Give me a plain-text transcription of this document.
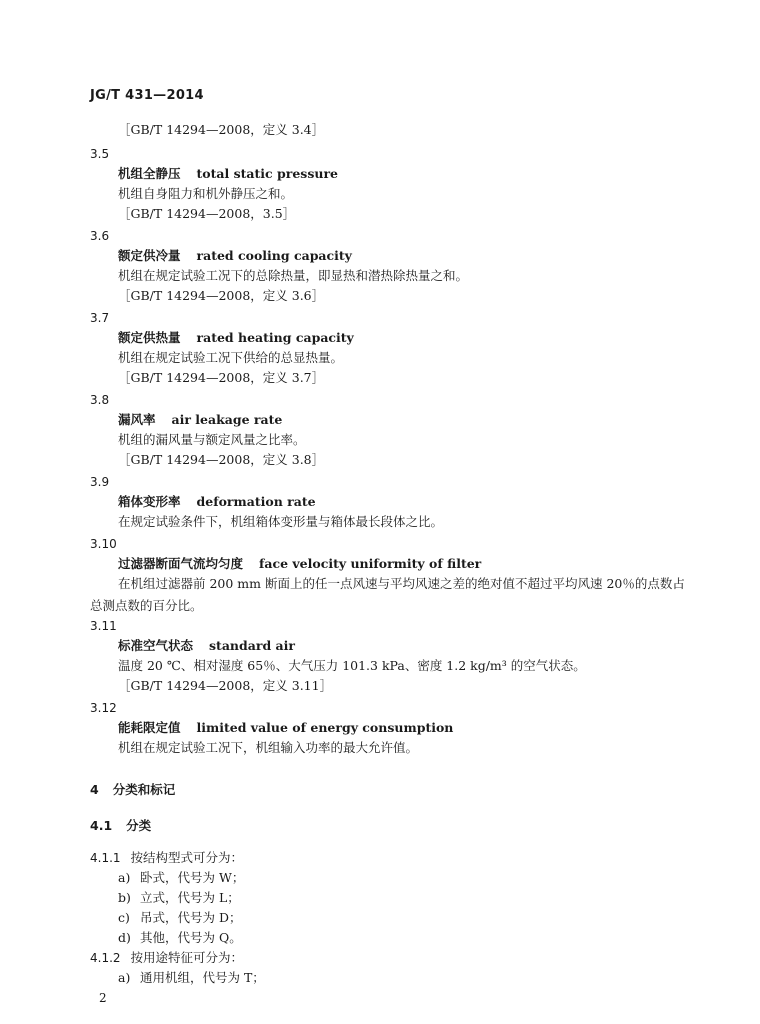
JG/T 431—2014
［GB/T 14294—2008，定义 3.4］
3.5
机组全静压 total static pressure
机组自身阻力和机外静压之和。
［GB/T 14294—2008，3.5］
3.6
额定供冷量 rated cooling capacity
机组在规定试验工况下的总除热量，即显热和潜热除热量之和。
［GB/T 14294—2008，定义 3.6］
3.7
额定供热量 rated heating capacity
机组在规定试验工况下供给的总显热量。
［GB/T 14294—2008，定义 3.7］
3.8
漏风率 air leakage rate
机组的漏风量与额定风量之比率。
［GB/T 14294—2008，定义 3.8］
3.9
箱体变形率 deformation rate
在规定试验条件下，机组箱体变形量与箱体最长段体之比。
3.10
过滤器断面气流均匀度 face velocity uniformity of filter
在机组过滤器前 200 mm 断面上的任一点风速与平均风速之差的绝对值不超过平均风速 20％的点数占总测点数的百分比。
3.11
标准空气状态 standard air
温度 20 ℃、相对湿度 65％、大气压力 101.3 kPa、密度 1.2 kg/m³ 的空气状态。
［GB/T 14294—2008，定义 3.11］
3.12
能耗限定值 limited value of energy consumption
机组在规定试验工况下，机组输入功率的最大允许值。
4 分类和标记
4.1 分类
4.1.1 按结构型式可分为：
a) 卧式，代号为 W；
b) 立式，代号为 L；
c) 吊式，代号为 D；
d) 其他，代号为 Q。
4.1.2 按用途特征可分为：
a) 通用机组，代号为 T；
2
